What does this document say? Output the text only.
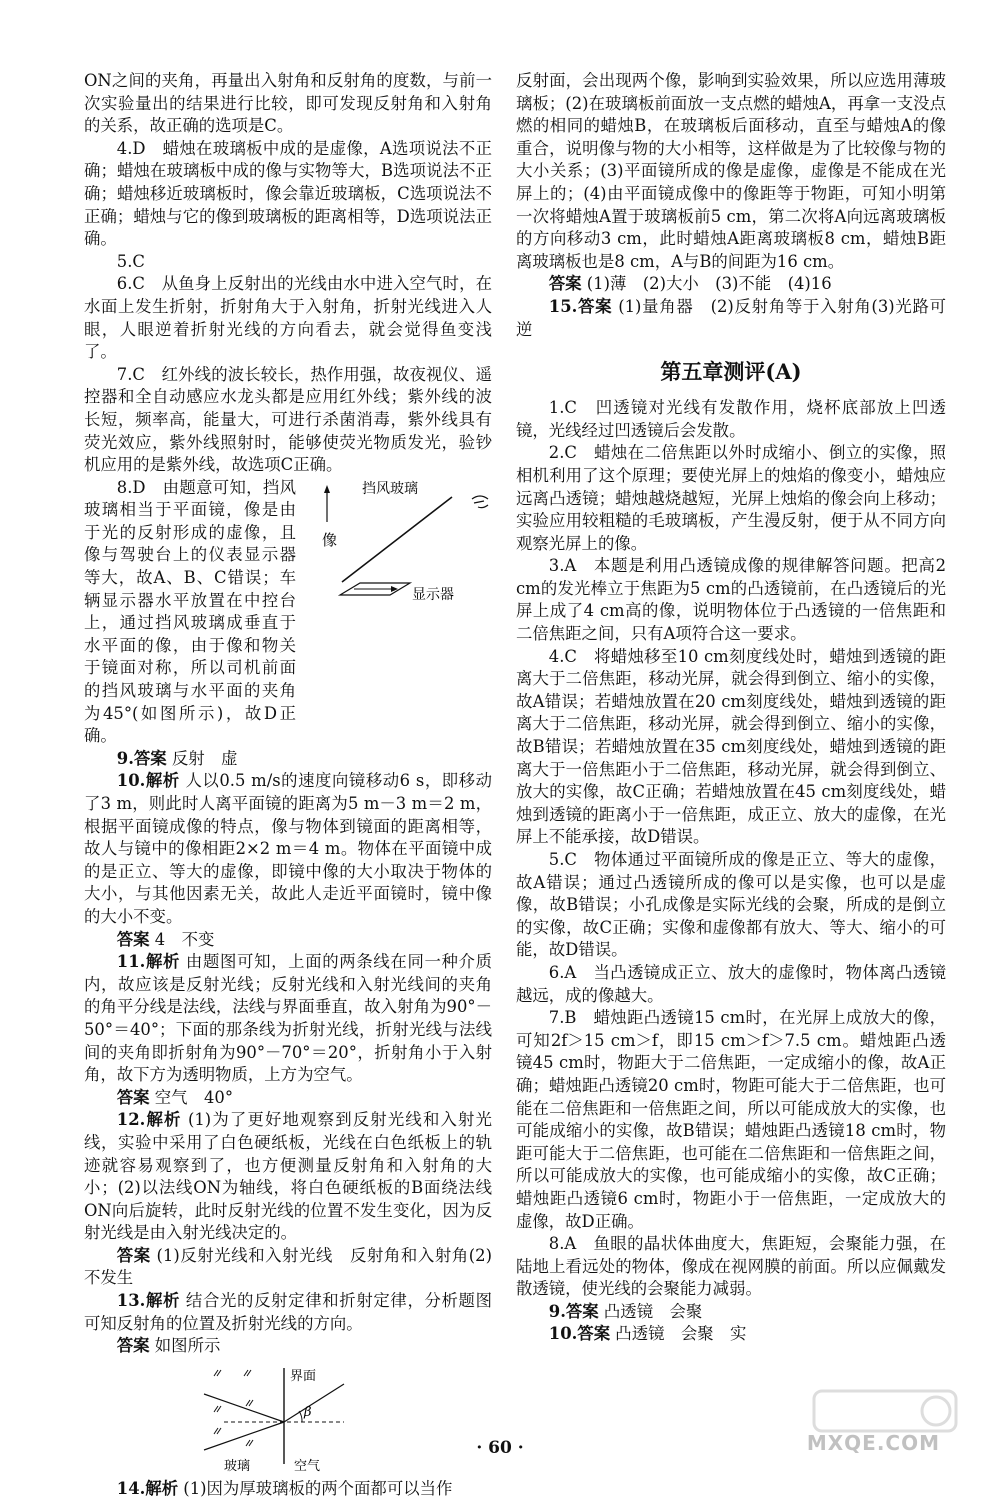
ON之间的夹角，再量出入射角和反射角的度数，与前一次实验量出的结果进行比较，即可发现反射角和入射角的关系，故正确的选项是C。

4.D　蜡烛在玻璃板中成的是虚像，A选项说法不正确；蜡烛在玻璃板中成的像与实物等大，B选项说法不正确；蜡烛移近玻璃板时，像会靠近玻璃板，C选项说法不正确；蜡烛与它的像到玻璃板的距离相等，D选项说法正确。

5.C

6.C　从鱼身上反射出的光线由水中进入空气时，在水面上发生折射，折射角大于入射角，折射光线进入人眼，人眼逆着折射光线的方向看去，就会觉得鱼变浅了。

7.C　红外线的波长较长，热作用强，故夜视仪、遥控器和全自动感应水龙头都是应用红外线；紫外线的波长短，频率高，能量大，可进行杀菌消毒，紫外线具有荧光效应，紫外线照射时，能够使荧光物质发光，验钞机应用的是紫外线，故选项C正确。

像
挡风玻璃
显示器

8.D　由题意可知，挡风玻璃相当于平面镜，像是由于光的反射形成的虚像，且像与驾驶台上的仪表显示器等大，故A、B、C错误；车辆显示器水平放置在中控台上，通过挡风玻璃成垂直于水平面的像，由于像和物关于镜面对称，所以司机前面的挡风玻璃与水平面的夹角为45°(如图所示)，故D正确。

9.答案 反射　虚

10.解析 人以0.5 m/s的速度向镜移动6 s，即移动了3 m，则此时人离平面镜的距离为5 m－3 m＝2 m，根据平面镜成像的特点，像与物体到镜面的距离相等，故人与镜中的像相距2×2 m＝4 m。物体在平面镜中成的是正立、等大的虚像，即镜中像的大小取决于物体的大小，与其他因素无关，故此人走近平面镜时，镜中像的大小不变。

答案 4　不变

11.解析 由题图可知，上面的两条线在同一种介质内，故应该是反射光线；反射光线和入射光线间的夹角的角平分线是法线，法线与界面垂直，故入射角为90°－50°＝40°；下面的那条线为折射光线，折射光线与法线间的夹角即折射角为90°－70°＝20°，折射角小于入射角，故下方为透明物质，上方为空气。

答案 空气　40°

12.解析 (1)为了更好地观察到反射光线和入射光线，实验中采用了白色硬纸板，光线在白色纸板上的轨迹就容易观察到了，也方便测量反射角和入射角的大小；(2)以法线ON为轴线，将白色硬纸板的B面绕法线ON向后旋转，此时反射光线的位置不发生变化，因为反射光线是由入射光线决定的。

答案 (1)反射光线和入射光线　反射角和入射角(2)不发生

13.解析 结合光的反射定律和折射定律，分析题图可知反射角的位置及折射光线的方向。

答案 如图所示

β
界面
玻璃	空气

14.解析 (1)因为厚玻璃板的两个面都可以当作

反射面，会出现两个像，影响到实验效果，所以应选用薄玻璃板；(2)在玻璃板前面放一支点燃的蜡烛A，再拿一支没点燃的相同的蜡烛B，在玻璃板后面移动，直至与蜡烛A的像重合，说明像与物的大小相等，这样做是为了比较像与物的大小关系；(3)平面镜所成的像是虚像，虚像是不能成在光屏上的；(4)由平面镜成像中的像距等于物距，可知小明第一次将蜡烛A置于玻璃板前5 cm，第二次将A向远离玻璃板的方向移动3 cm，此时蜡烛A距离玻璃板8 cm，蜡烛B距离玻璃板也是8 cm，A与B的间距为16 cm。

答案 (1)薄　(2)大小　(3)不能　(4)16

15.答案 (1)量角器　(2)反射角等于入射角(3)光路可逆

第五章测评(A)

1.C　凹透镜对光线有发散作用，烧杯底部放上凹透镜，光线经过凹透镜后会发散。

2.C　蜡烛在二倍焦距以外时成缩小、倒立的实像，照相机利用了这个原理；要使光屏上的烛焰的像变小，蜡烛应远离凸透镜；蜡烛越烧越短，光屏上烛焰的像会向上移动；实验应用较粗糙的毛玻璃板，产生漫反射，便于从不同方向观察光屏上的像。

3.A　本题是利用凸透镜成像的规律解答问题。把高2 cm的发光棒立于焦距为5 cm的凸透镜前，在凸透镜后的光屏上成了4 cm高的像，说明物体位于凸透镜的一倍焦距和二倍焦距之间，只有A项符合这一要求。

4.C　将蜡烛移至10 cm刻度线处时，蜡烛到透镜的距离大于二倍焦距，移动光屏，就会得到倒立、缩小的实像，故A错误；若蜡烛放置在20 cm刻度线处，蜡烛到透镜的距离大于二倍焦距，移动光屏，就会得到倒立、缩小的实像，故B错误；若蜡烛放置在35 cm刻度线处，蜡烛到透镜的距离大于一倍焦距小于二倍焦距，移动光屏，就会得到倒立、放大的实像，故C正确；若蜡烛放置在45 cm刻度线处，蜡烛到透镜的距离小于一倍焦距，成正立、放大的虚像，在光屏上不能承接，故D错误。

5.C　物体通过平面镜所成的像是正立、等大的虚像，故A错误；通过凸透镜所成的像可以是实像，也可以是虚像，故B错误；小孔成像是实际光线的会聚，所成的是倒立的实像，故C正确；实像和虚像都有放大、等大、缩小的可能，故D错误。

6.A　当凸透镜成正立、放大的虚像时，物体离凸透镜越远，成的像越大。

7.B　蜡烛距凸透镜15 cm时，在光屏上成放大的像，可知2f＞15 cm＞f，即15 cm＞f＞7.5 cm。蜡烛距凸透镜45 cm时，物距大于二倍焦距，一定成缩小的像，故A正确；蜡烛距凸透镜20 cm时，物距可能大于二倍焦距，也可能在二倍焦距和一倍焦距之间，所以可能成放大的实像，也可能成缩小的实像，故B错误；蜡烛距凸透镜18 cm时，物距可能大于二倍焦距，也可能在二倍焦距和一倍焦距之间，所以可能成放大的实像，也可能成缩小的实像，故C正确；蜡烛距凸透镜6 cm时，物距小于一倍焦距，一定成放大的虚像，故D正确。

8.A　鱼眼的晶状体曲度大，焦距短，会聚能力强，在陆地上看远处的物体，像成在视网膜的前面。所以应佩戴发散透镜，使光线的会聚能力减弱。

9.答案 凸透镜　会聚

10.答案 凸透镜　会聚　实

· 60 ·	MXQE.COM
